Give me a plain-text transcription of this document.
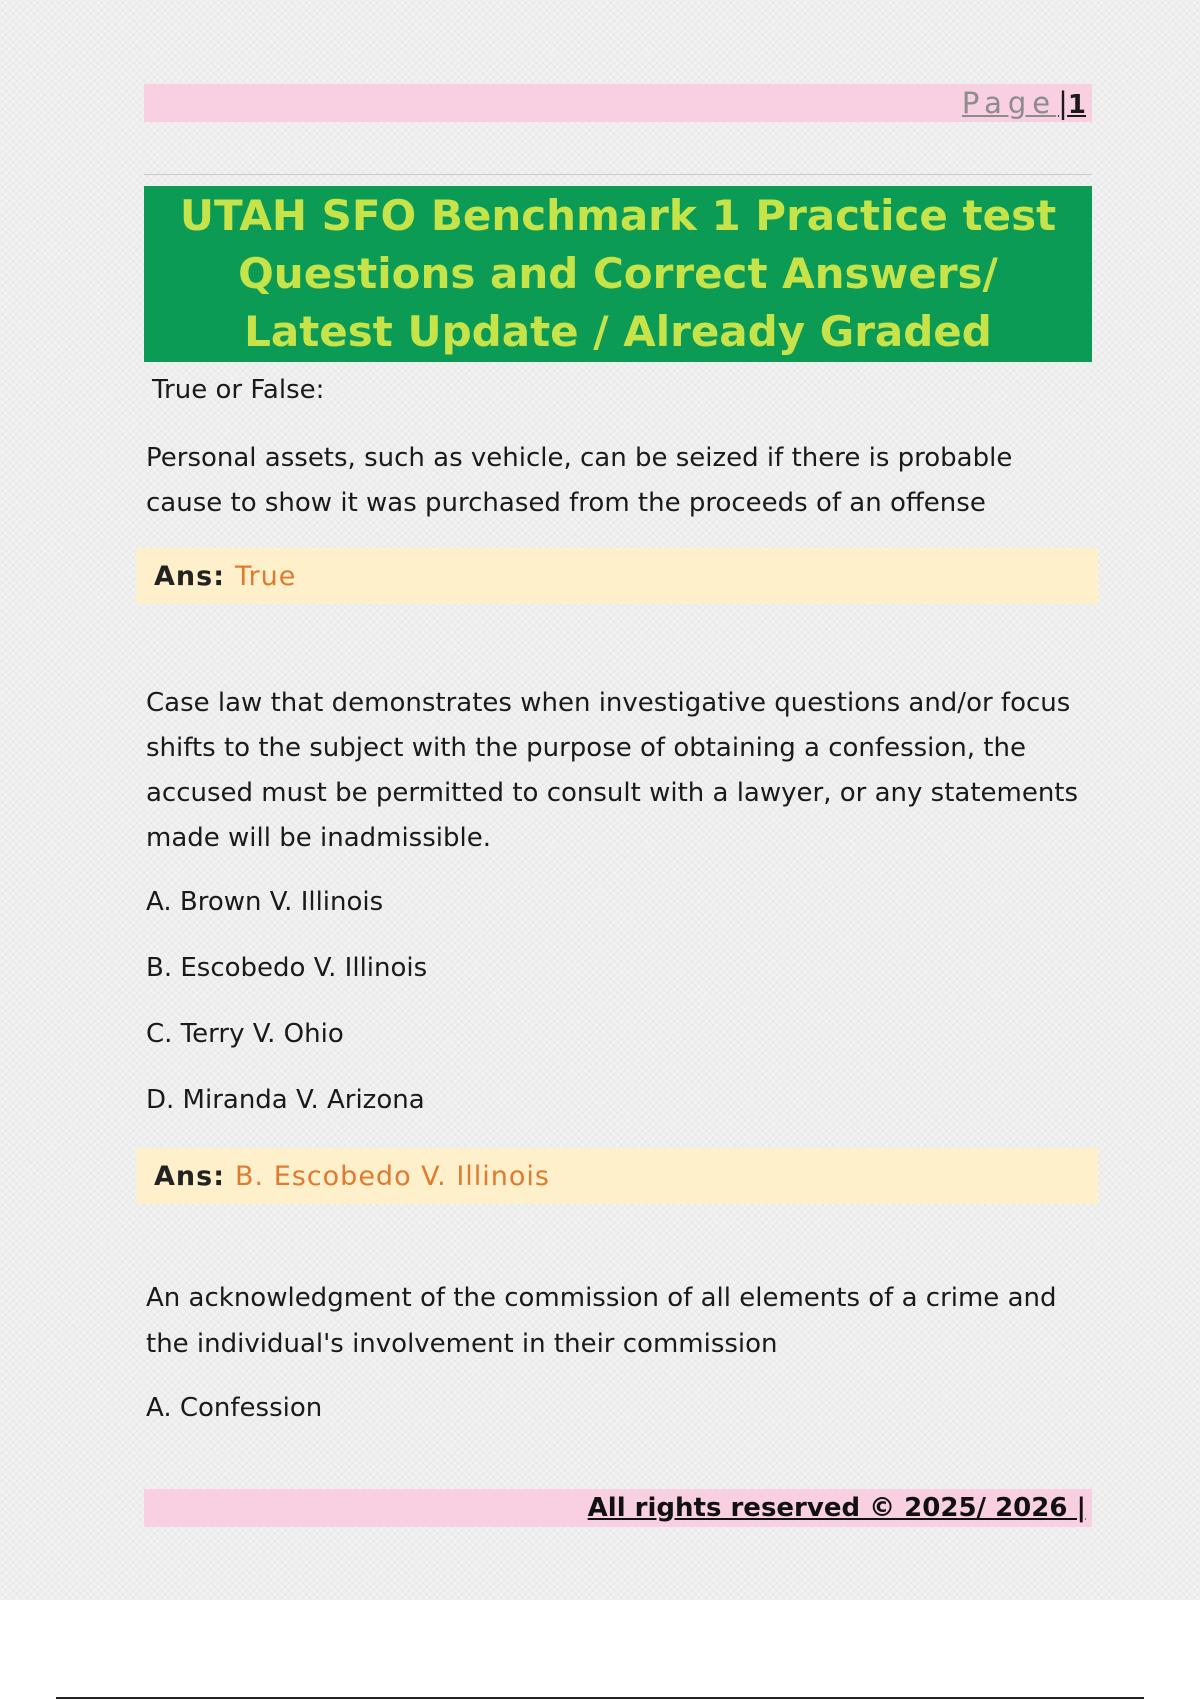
Page | 1
UTAH SFO Benchmark 1 Practice test Questions and Correct Answers/ Latest Update / Already Graded

True or False:

Personal assets, such as vehicle, can be seized if there is probable

cause to show it was purchased from the proceeds of an offense

Ans: True

Case law that demonstrates when investigative questions and/or focus

shifts to the subject with the purpose of obtaining a confession, the

accused must be permitted to consult with a lawyer, or any statements

made will be inadmissible.

A. Brown V. Illinois

B. Escobedo V. Illinois

C. Terry V. Ohio

D. Miranda V. Arizona

Ans: B. Escobedo V. Illinois

An acknowledgment of the commission of all elements of a crime and

the individual's involvement in their commission

A. Confession

All rights reserved © 2025/ 2026 |
